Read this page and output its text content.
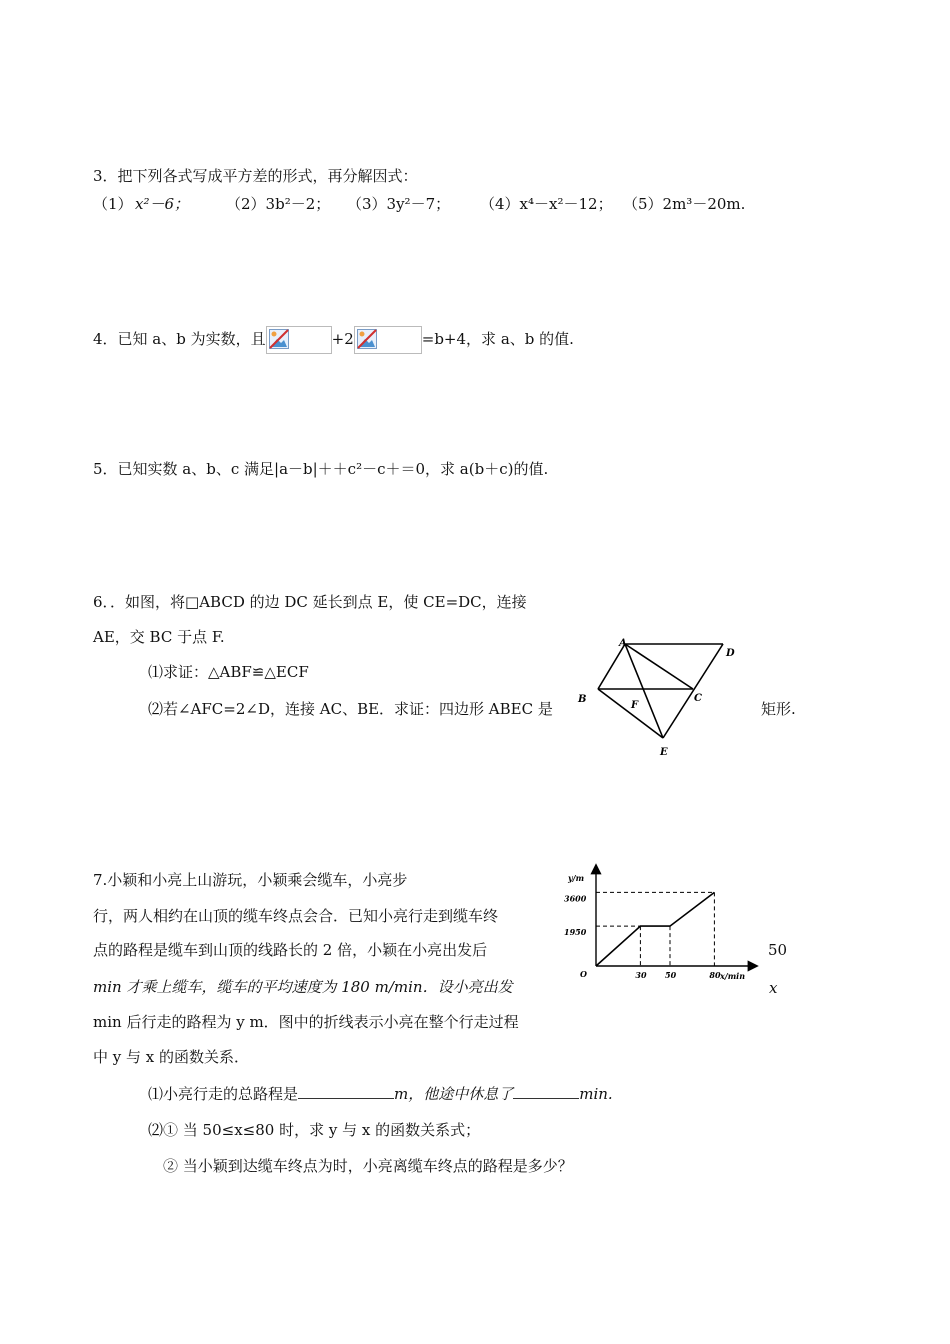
3．把下列各式写成平方差的形式，再分解因式：
（1） x²－6； （2）3b²－2； （3）3y²－7； （4）x⁴－x²－12； （5）2m³－20m.
4．已知 a、b 为实数，且	+2	=b+4，求 a、b 的值.
5．已知实数 a、b、c 满足|a－b|＋＋c²－c＋＝0，求 a(b＋c)的值.
6．．如图，将□ABCD 的边 DC 延长到点 E，使 CE=DC，连接
AE，交 BC 于点 F.
⑴求证：△ABF≌△ECF
⑵若∠AFC=2∠D，连接 AC、BE．求证：四边形 ABEC 是	矩形.
A
D
B	C
F
E
7.小颖和小亮上山游玩，小颖乘会缆车，小亮步
行，两人相约在山顶的缆车终点会合．已知小亮行走到缆车终
点的路程是缆车到山顶的线路长的 2 倍，小颖在小亮出发后	50
min 才乘上缆车，缆车的平均速度为 180 m/min．设小亮出发	x
min 后行走的路程为 y m．图中的折线表示小亮在整个行走过程
中 y 与 x 的函数关系．
⑴小亮行走的总路程是	m，他途中休息了	min.
⑵① 当 50≤x≤80 时，求 y 与 x 的函数关系式；
② 当小颖到达缆车终点为时，小亮离缆车终点的路程是多少？
30 50	80
1950
3600
y/m
x/min
O
